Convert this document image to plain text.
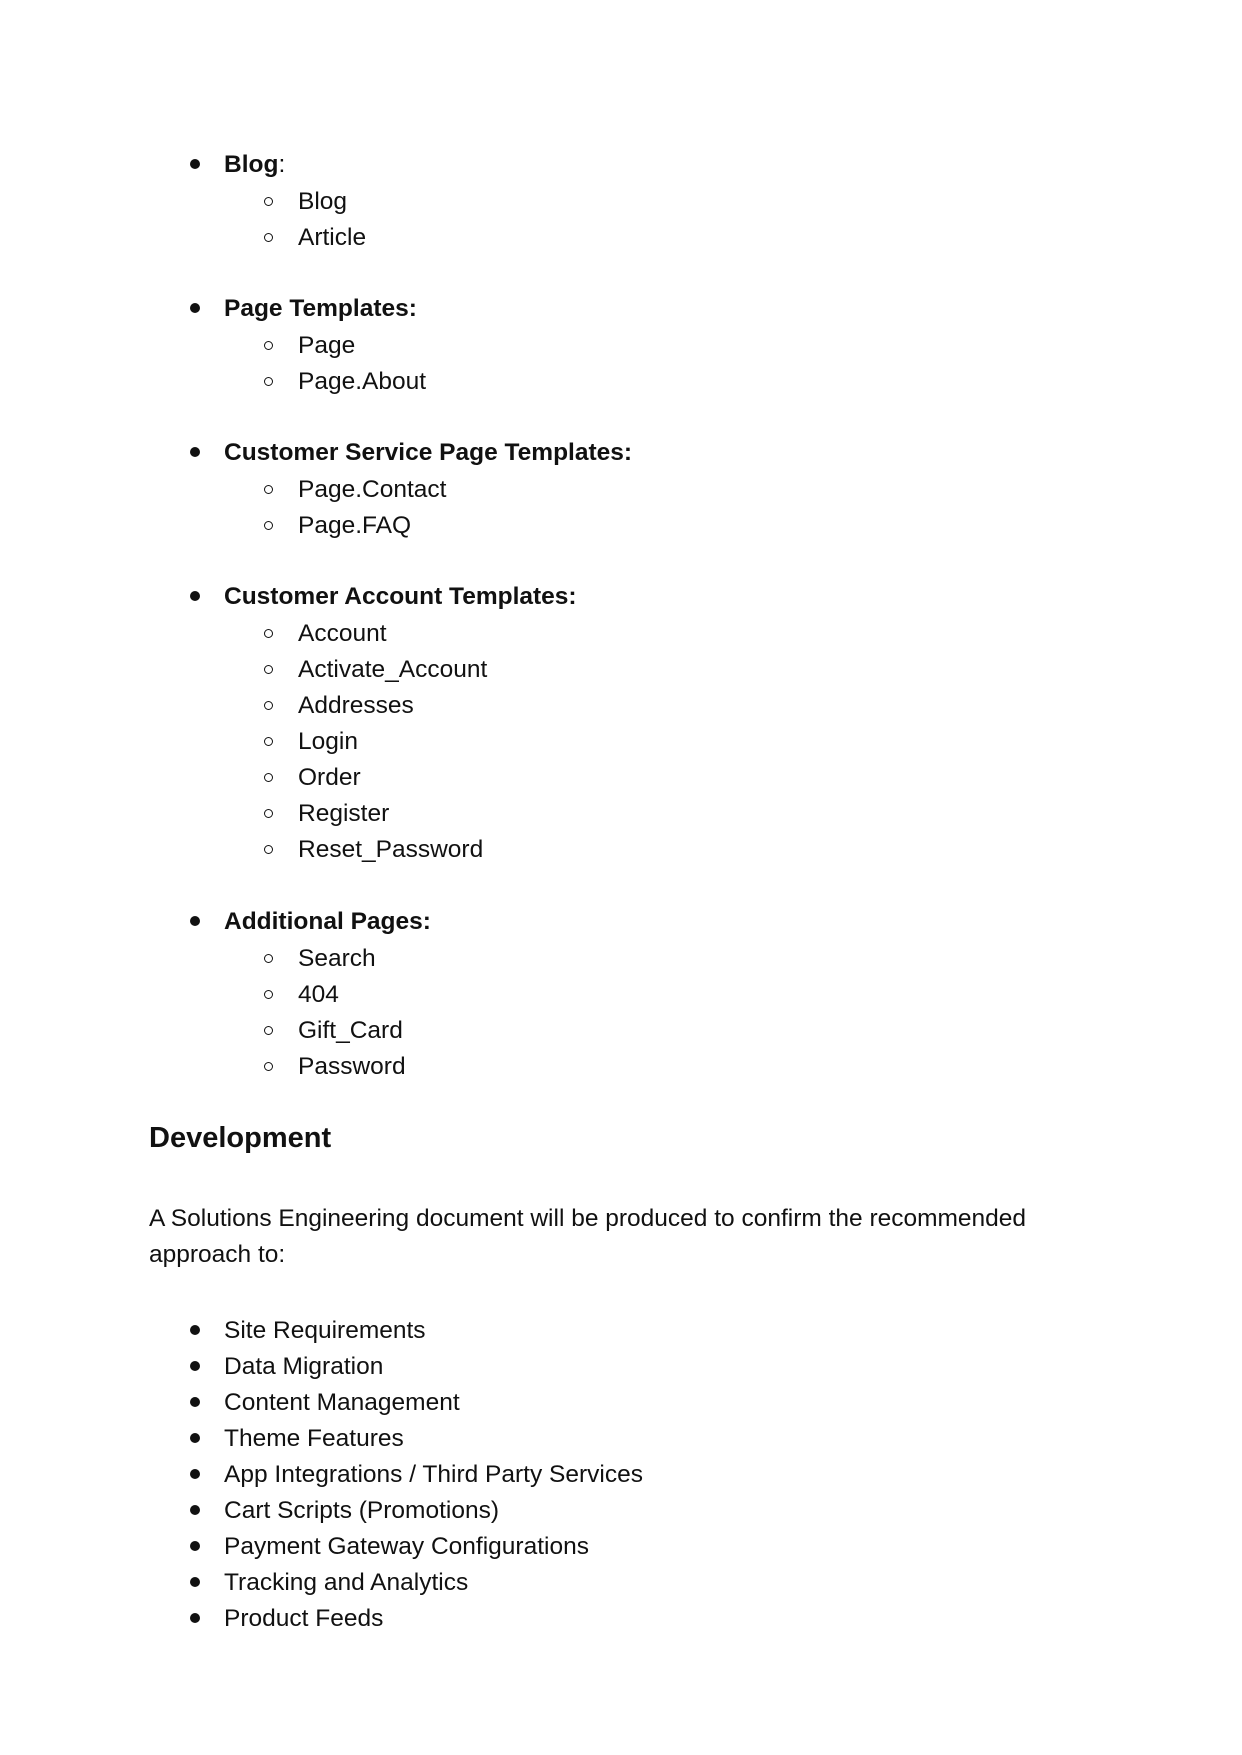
Blog:
Blog
Article
Page Templates:
Page
Page.About
Customer Service Page Templates:
Page.Contact
Page.FAQ
Customer Account Templates:
Account
Activate_Account
Addresses
Login
Order
Register
Reset_Password
Additional Pages:
Search
404
Gift_Card
Password
Development
A Solutions Engineering document will be produced to confirm the recommended approach to:
Site Requirements
Data Migration
Content Management
Theme Features
App Integrations / Third Party Services
Cart Scripts (Promotions)
Payment Gateway Configurations
Tracking and Analytics
Product Feeds
